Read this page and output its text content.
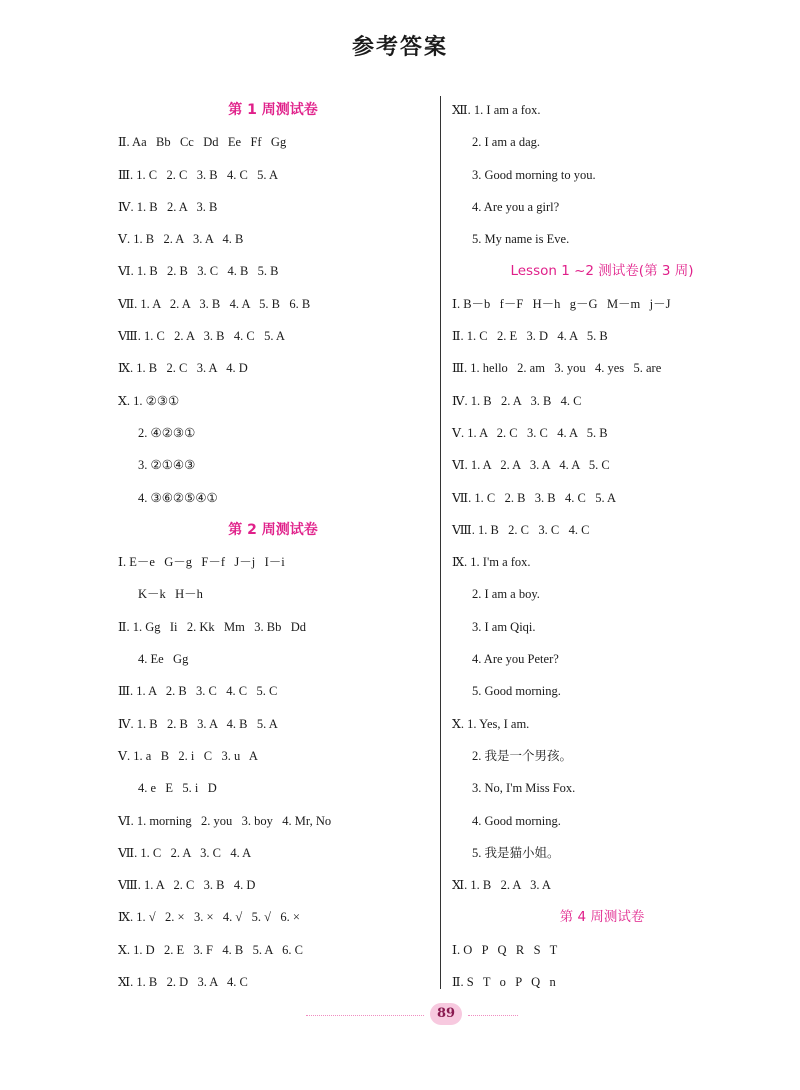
参考答案
第 1 周测试卷
Ⅱ. Aa   Bb   Cc   Dd   Ee   Ff   Gg
Ⅲ. 1. C   2. C   3. B   4. C   5. A
Ⅳ. 1. B   2. A   3. B
Ⅴ. 1. B   2. A   3. A   4. B
Ⅵ. 1. B   2. B   3. C   4. B   5. B
Ⅶ. 1. A   2. A   3. B   4. A   5. B   6. B
Ⅷ. 1. C   2. A   3. B   4. C   5. A
Ⅸ. 1. B   2. C   3. A   4. D
Ⅹ. 1. ②③①
2. ④②③①
3. ②①④③
4. ③⑥②⑤④①
第 2 周测试卷
Ⅰ. E－e   G－g   F－f   J－j   I－i
K－k   H－h
Ⅱ. 1. Gg   Ii   2. Kk   Mm   3. Bb   Dd
4. Ee   Gg
Ⅲ. 1. A   2. B   3. C   4. C   5. C
Ⅳ. 1. B   2. B   3. A   4. B   5. A
Ⅴ. 1. a   B   2. i   C   3. u   A
4. e   E   5. i   D
Ⅵ. 1. morning   2. you   3. boy   4. Mr, No
Ⅶ. 1. C   2. A   3. C   4. A
Ⅷ. 1. A   2. C   3. B   4. D
Ⅸ. 1. √   2. ×   3. ×   4. √   5. √   6. ×
Ⅹ. 1. D   2. E   3. F   4. B   5. A   6. C
Ⅺ. 1. B   2. D   3. A   4. C
Ⅻ. 1. I am a fox.
2. I am a dag.
3. Good morning to you.
4. Are you a girl?
5. My name is Eve.
Lesson 1 ~2 测试卷(第 3 周)
Ⅰ. B－b   f－F   H－h   g－G   M－m   j－J
Ⅱ. 1. C   2. E   3. D   4. A   5. B
Ⅲ. 1. hello   2. am   3. you   4. yes   5. are
Ⅳ. 1. B   2. A   3. B   4. C
Ⅴ. 1. A   2. C   3. C   4. A   5. B
Ⅵ. 1. A   2. A   3. A   4. A   5. C
Ⅶ. 1. C   2. B   3. B   4. C   5. A
Ⅷ. 1. B   2. C   3. C   4. C
Ⅸ. 1. I'm a fox.
2. I am a boy.
3. I am Qiqi.
4. Are you Peter?
5. Good morning.
Ⅹ. 1. Yes, I am.
2. 我是一个男孩。
3. No, I'm Miss Fox.
4. Good morning.
5. 我是猫小姐。
Ⅺ. 1. B   2. A   3. A
第 4 周测试卷
Ⅰ. O   P   Q   R   S   T
Ⅱ. S   T   o   P   Q   n
89
